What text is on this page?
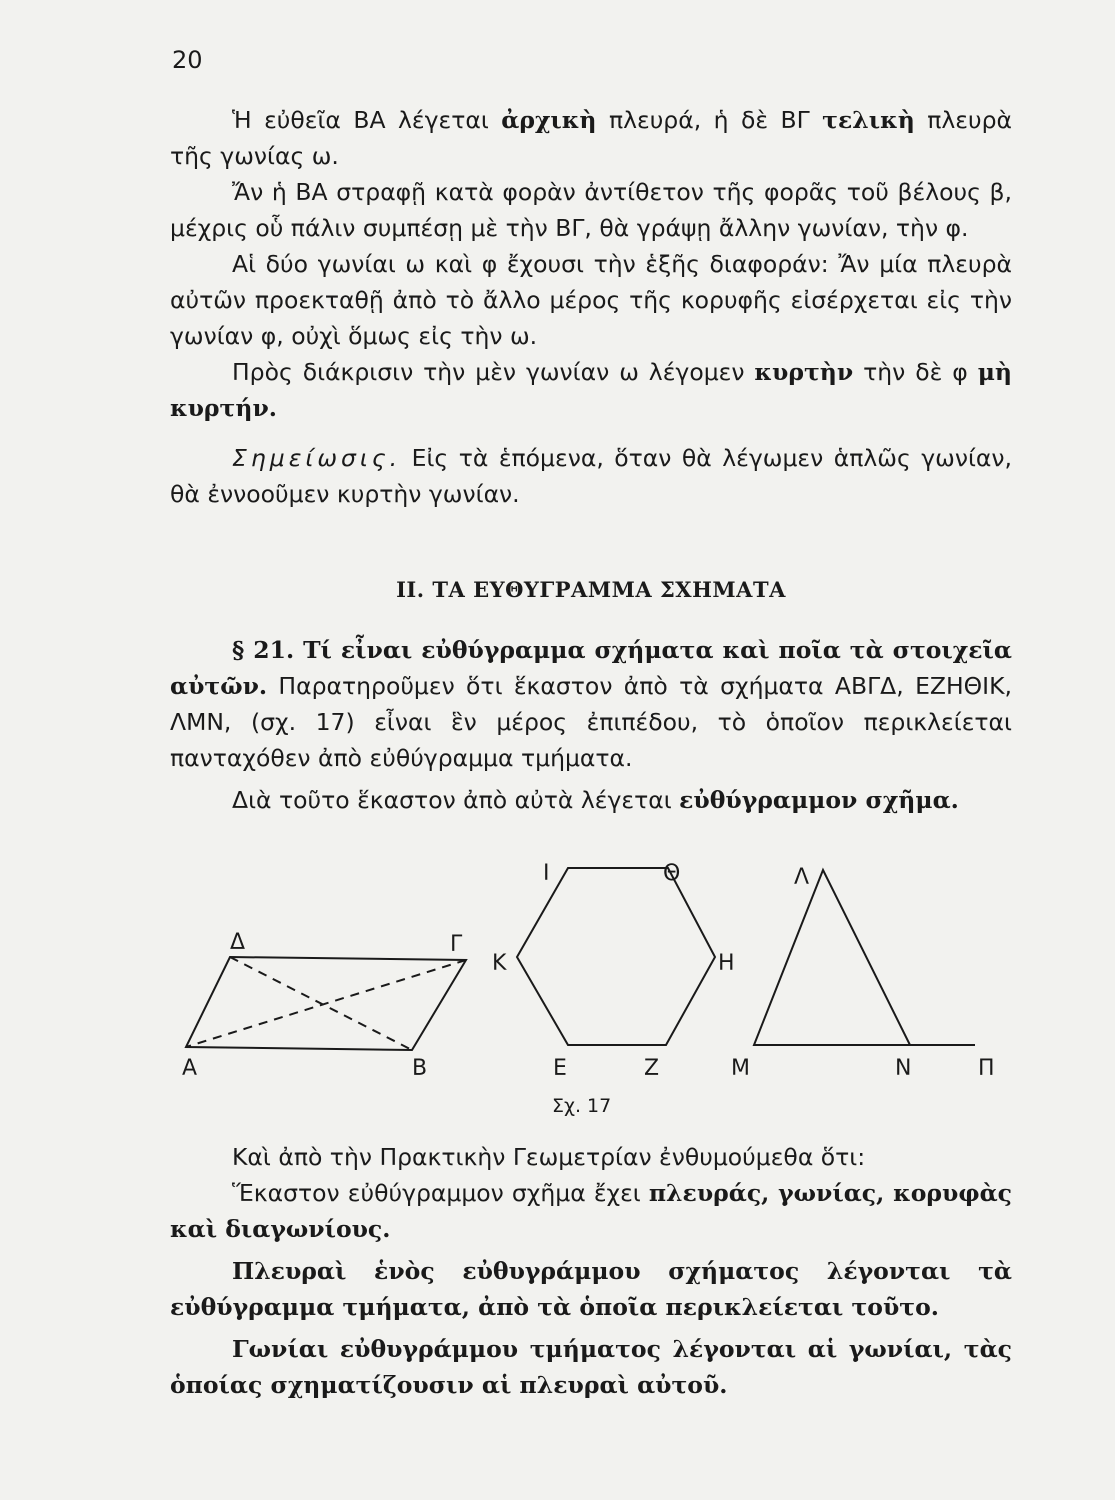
20

Ἡ εὐθεῖα ΒΑ λέγεται ἀρχικὴ πλευρά, ἡ δὲ ΒΓ τελικὴ πλευρὰ τῆς γωνίας ω.

Ἄν ἡ ΒΑ στραφῇ κατὰ φορὰν ἀντίθετον τῆς φορᾶς τοῦ βέλους β, μέχρις οὗ πάλιν συμπέσῃ μὲ τὴν ΒΓ, θὰ γράψῃ ἄλλην γωνίαν, τὴν φ.

Αἱ δύο γωνίαι ω καὶ φ ἔχουσι τὴν ἑξῆς διαφοράν: Ἄν μία πλευρὰ αὐτῶν προεκταθῇ ἀπὸ τὸ ἄλλο μέρος τῆς κορυφῆς εἰσέρχεται εἰς τὴν γωνίαν φ, οὐχὶ ὅμως εἰς τὴν ω.

Πρὸς διάκρισιν τὴν μὲν γωνίαν ω λέγομεν κυρτὴν τὴν δὲ φ μὴ κυρτήν.

Σημείωσις. Εἰς τὰ ἑπόμενα, ὅταν θὰ λέγωμεν ἁπλῶς γωνίαν, θὰ ἐννοοῦμεν κυρτὴν γωνίαν.

ΙΙ. ΤΑ ΕΥΘΥΓΡΑΜΜΑ ΣΧΗΜΑΤΑ

§ 21. Τί εἶναι εὐθύγραμμα σχήματα καὶ ποῖα τὰ στοιχεῖα αὐτῶν. Παρατηροῦμεν ὅτι ἕκαστον ἀπὸ τὰ σχήματα ΑΒΓΔ, ΕΖΗΘΙΚ, ΛΜΝ, (σχ. 17) εἶναι ἓν μέρος ἐπιπέδου, τὸ ὁποῖον περικλείεται πανταχόθεν ἀπὸ εὐθύγραμμα τμήματα.

Διὰ τοῦτο ἕκαστον ἀπὸ αὐτὰ λέγεται εὐθύγραμμον σχῆμα.

Α	Β
Γ
Δ
Ι	Θ
Κ	Η
Ε	Ζ
Λ
Μ	Ν	Π
Σχ. 17

Καὶ ἀπὸ τὴν Πρακτικὴν Γεωμετρίαν ἐνθυμούμεθα ὅτι:

Ἕκαστον εὐθύγραμμον σχῆμα ἔχει πλευράς, γωνίας, κορυφὰς καὶ διαγωνίους.

Πλευραὶ ἑνὸς εὐθυγράμμου σχήματος λέγονται τὰ εὐθύγραμμα τμήματα, ἀπὸ τὰ ὁποῖα περικλείεται τοῦτο.

Γωνίαι εὐθυγράμμου τμήματος λέγονται αἱ γωνίαι, τὰς ὁποίας σχηματίζουσιν αἱ πλευραὶ αὐτοῦ.
